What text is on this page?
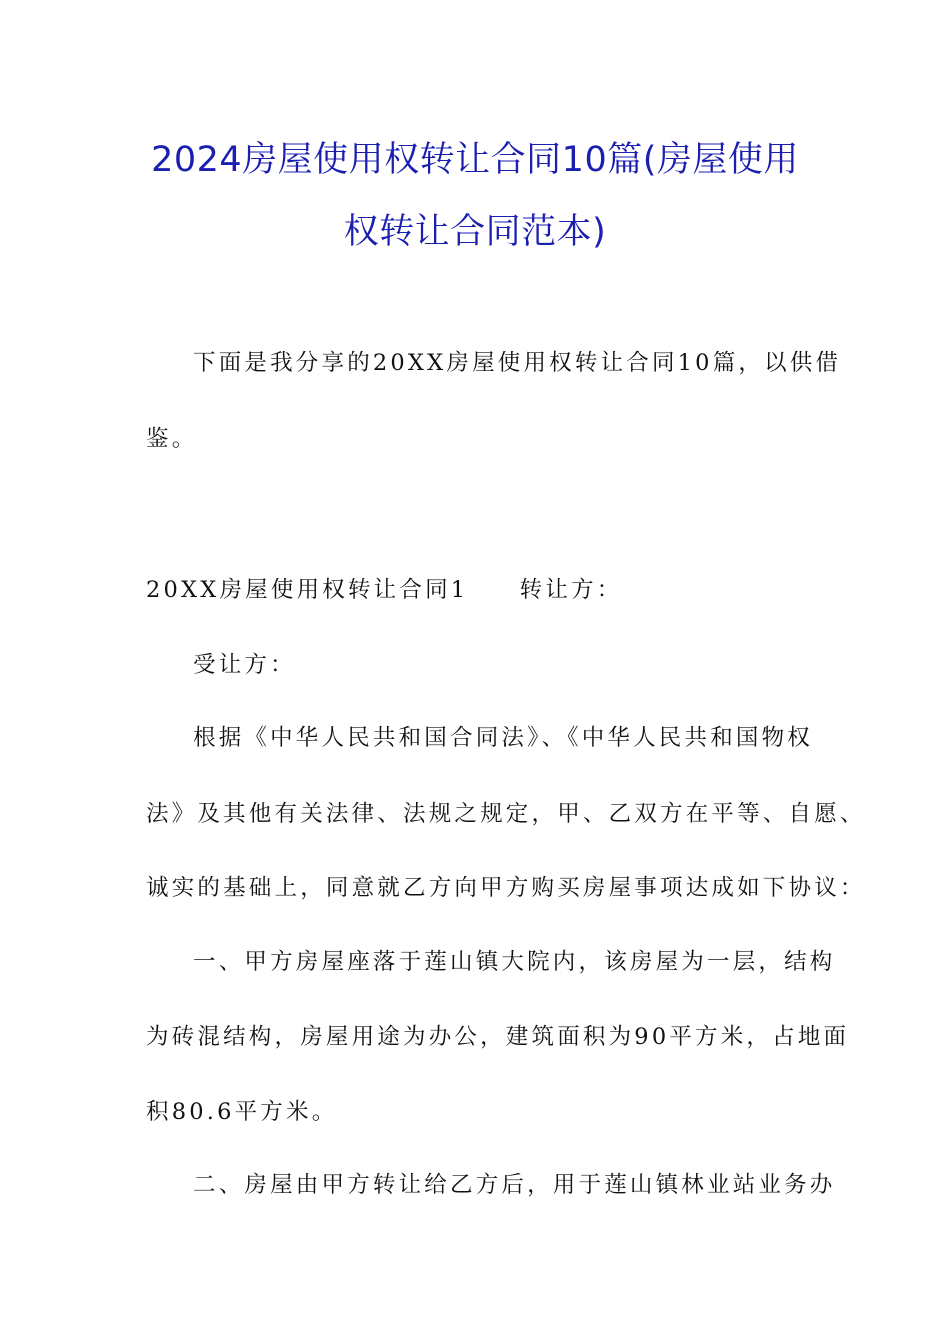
2024房屋使用权转让合同10篇(房屋使用
权转让合同范本)
下面是我分享的20XX房屋使用权转让合同10篇，以供借
鉴。
20XX房屋使用权转让合同1　　转让方：
受让方：
根据《中华人民共和国合同法》、《中华人民共和国物权
法》及其他有关法律、法规之规定，甲、乙双方在平等、自愿、
诚实的基础上，同意就乙方向甲方购买房屋事项达成如下协议：
一、甲方房屋座落于莲山镇大院内，该房屋为一层，结构
为砖混结构，房屋用途为办公，建筑面积为90平方米，占地面
积80.6平方米。
二、房屋由甲方转让给乙方后，用于莲山镇林业站业务办
